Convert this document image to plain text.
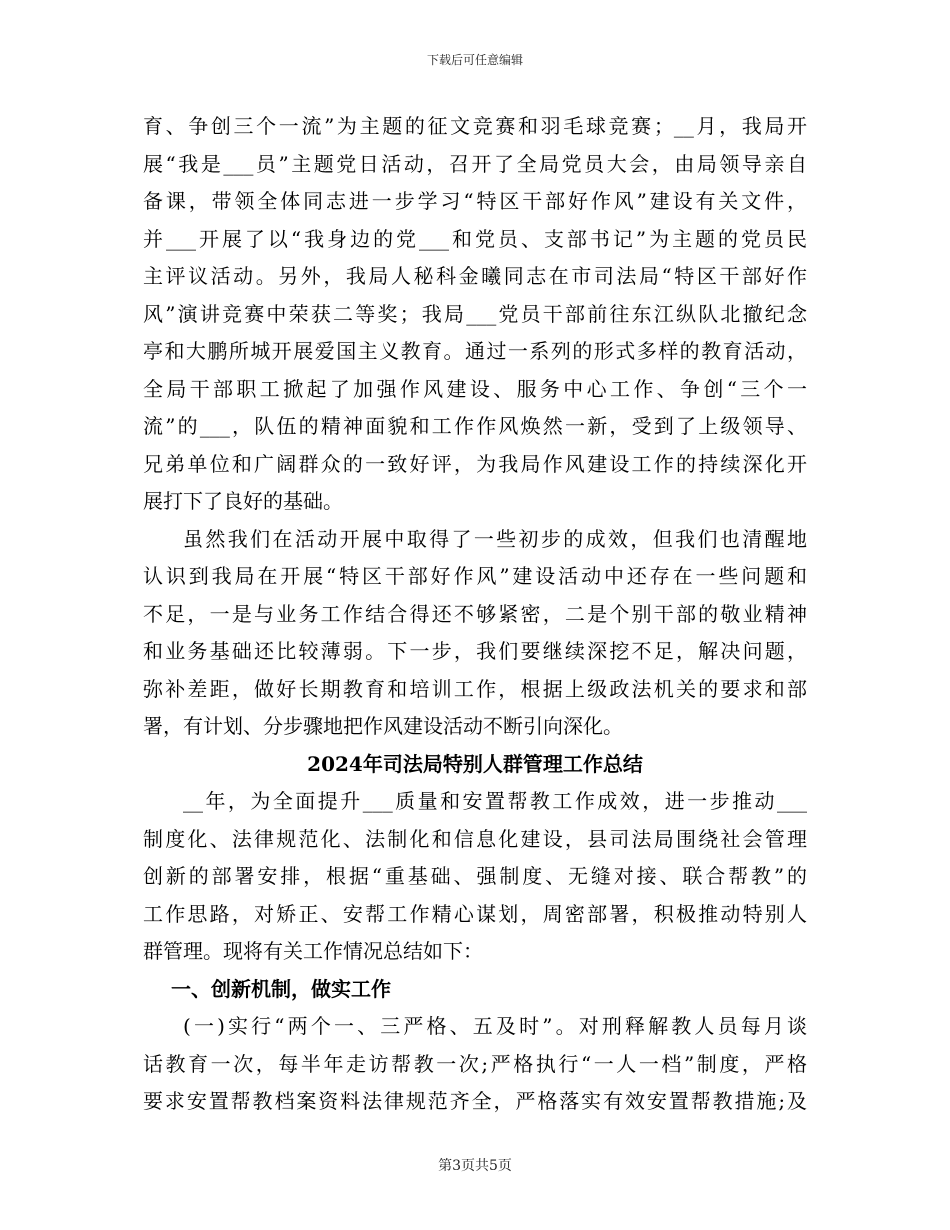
下载后可任意编辑
育、争创三个一流”为主题的征文竞赛和羽毛球竞赛；__月，我局开
展“我是___员”主题党日活动，召开了全局党员大会，由局领导亲自
备课，带领全体同志进一步学习“特区干部好作风”建设有关文件，
并___开展了以“我身边的党___和党员、支部书记”为主题的党员民
主评议活动。另外，我局人秘科金曦同志在市司法局“特区干部好作
风”演讲竞赛中荣获二等奖；我局___党员干部前往东江纵队北撤纪念
亭和大鹏所城开展爱国主义教育。通过一系列的形式多样的教育活动，
全局干部职工掀起了加强作风建设、服务中心工作、争创“三个一
流”的___，队伍的精神面貌和工作作风焕然一新，受到了上级领导、
兄弟单位和广阔群众的一致好评，为我局作风建设工作的持续深化开
展打下了良好的基础。
虽然我们在活动开展中取得了一些初步的成效，但我们也清醒地
认识到我局在开展“特区干部好作风”建设活动中还存在一些问题和
不足，一是与业务工作结合得还不够紧密，二是个别干部的敬业精神
和业务基础还比较薄弱。下一步，我们要继续深挖不足，解决问题，
弥补差距，做好长期教育和培训工作，根据上级政法机关的要求和部
署，有计划、分步骤地把作风建设活动不断引向深化。
2024年司法局特别人群管理工作总结
__年，为全面提升___质量和安置帮教工作成效，进一步推动___
制度化、法律规范化、法制化和信息化建设，县司法局围绕社会管理
创新的部署安排，根据“重基础、强制度、无缝对接、联合帮教”的
工作思路，对矫正、安帮工作精心谋划，周密部署，积极推动特别人
群管理。现将有关工作情况总结如下：
一、创新机制，做实工作
(一)实行“两个一、三严格、五及时”。对刑释解教人员每月谈
话教育一次，每半年走访帮教一次;严格执行“一人一档”制度，严格
要求安置帮教档案资料法律规范齐全，严格落实有效安置帮教措施;及
第3页共5页
